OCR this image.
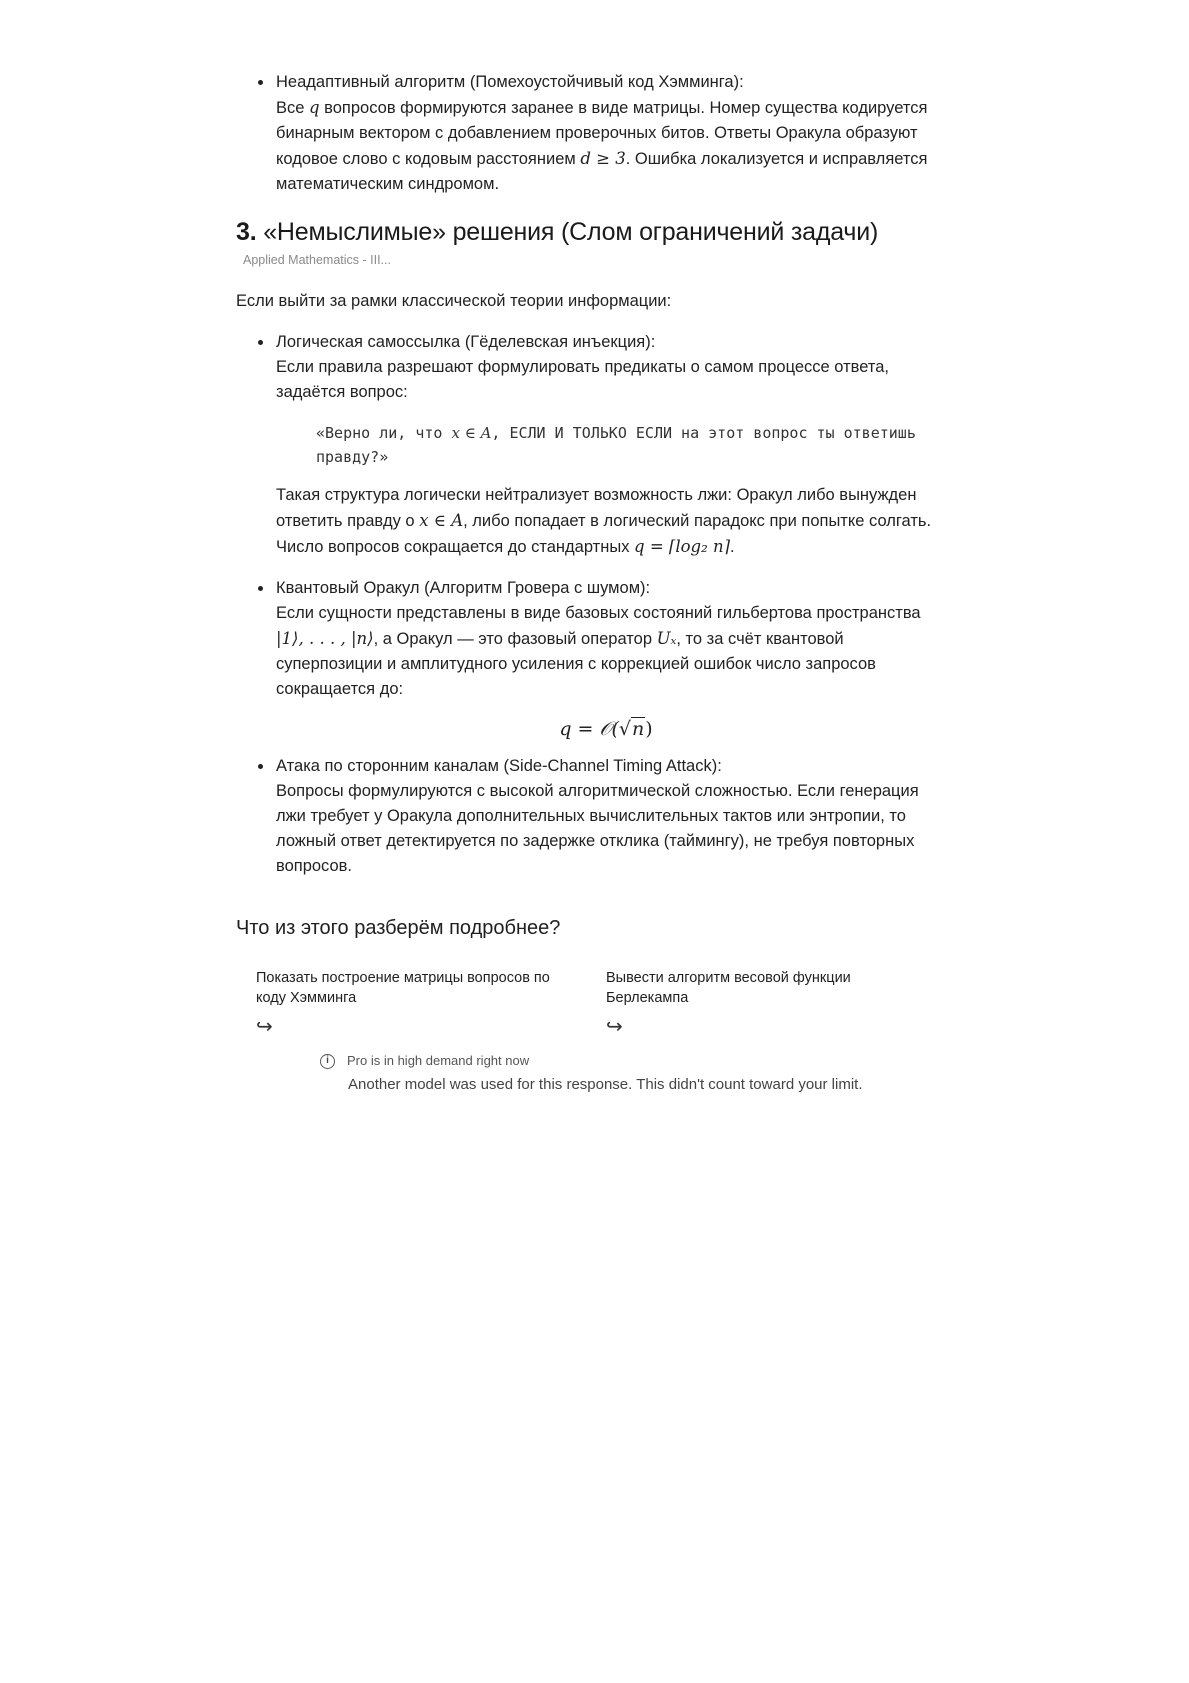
Неадаптивный алгоритм (Помехоустойчивый код Хэмминга):
Все q вопросов формируются заранее в виде матрицы. Номер существа кодируется бинарным вектором с добавлением проверочных битов. Ответы Оракула образуют кодовое слово с кодовым расстоянием d ≥ 3. Ошибка локализуется и исправляется математическим синдромом.
3. «Немыслимые» решения (Слом ограничений задачи)
Applied Mathematics - III...

Если выйти за рамки классической теории информации:

Логическая самоссылка (Гёделевская инъекция):
Если правила разрешают формулировать предикаты о самом процессе ответа, задаётся вопрос:
«Верно ли, что x ∈ A, ЕСЛИ И ТОЛЬКО ЕСЛИ на этот вопрос ты ответишь правду?»
Такая структура логически нейтрализует возможность лжи: Оракул либо вынужден ответить правду о x ∈ A, либо попадает в логический парадокс при попытке солгать. Число вопросов сокращается до стандартных q = ⌈log₂ n⌉.
Квантовый Оракул (Алгоритм Гровера с шумом):
Если сущности представлены в виде базовых состояний гильбертова пространства |1⟩, . . . , |n⟩, а Оракул — это фазовый оператор Uₓ, то за счёт квантовой суперпозиции и амплитудного усиления с коррекцией ошибок число запросов сокращается до:
q = 𝒪(√n)
Атака по сторонним каналам (Side-Channel Timing Attack):
Вопросы формулируются с высокой алгоритмической сложностью. Если генерация лжи требует у Оракула дополнительных вычислительных тактов или энтропии, то ложный ответ детектируется по задержке отклика (таймингу), не требуя повторных вопросов.
Что из этого разберём подробнее?
Показать построение матрицы вопросов по коду Хэмминга
↪
Вывести алгоритм весовой функции Берлекампа
↪
i	Pro is in high demand right now
Another model was used for this response. This didn't count toward your limit.
